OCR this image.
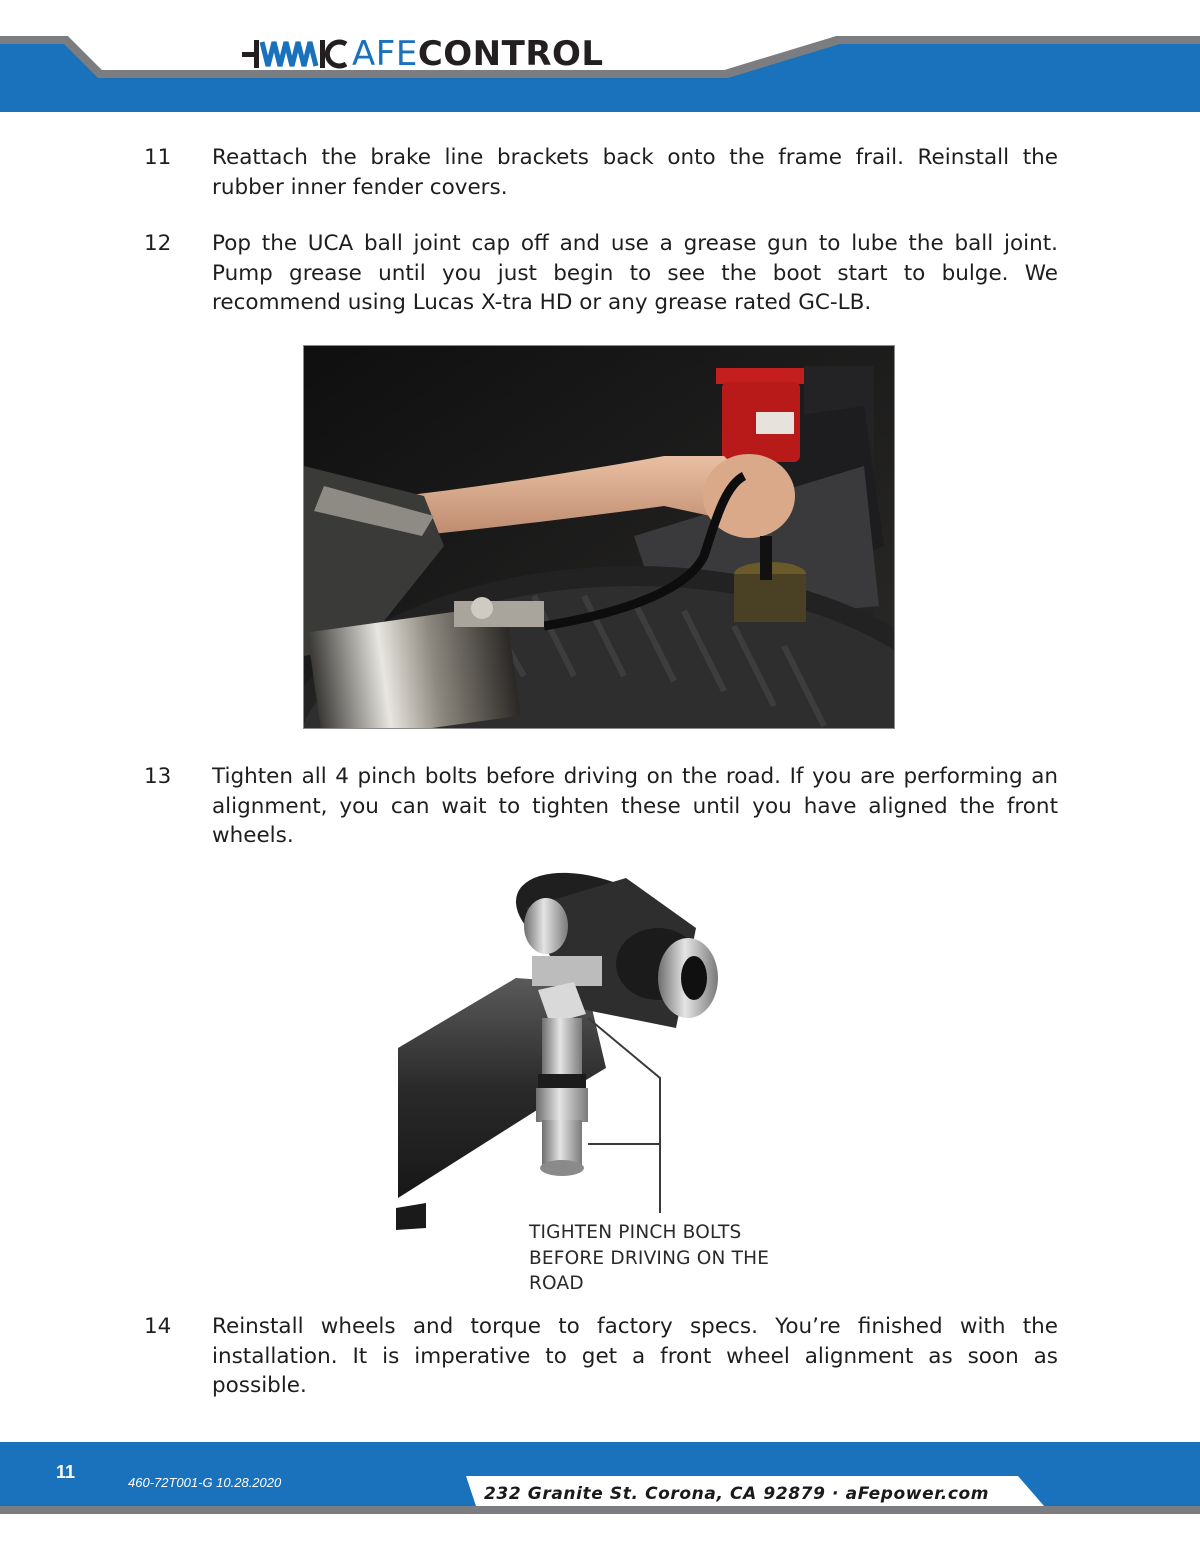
AFECONTROL
11 Reattach the brake line brackets back onto the frame frail. Reinstall the rubber inner fender covers.
12 Pop the UCA ball joint cap off and use a grease gun to lube the ball joint. Pump grease until you just begin to see the boot start to bulge. We recommend using Lucas X-tra HD or any grease rated GC-LB.
13 Tighten all 4 pinch bolts before driving on the road. If you are performing an alignment, you can wait to tighten these until you have aligned the front wheels.
TIGHTEN PINCH BOLTS
BEFORE DRIVING ON THE
ROAD
14 Reinstall wheels and torque to factory specs. You’re finished with the installation. It is imperative to get a front wheel alignment as soon as possible.
11
460-72T001-G 10.28.2020
232 Granite St. Corona, CA 92879 · aFepower.com
